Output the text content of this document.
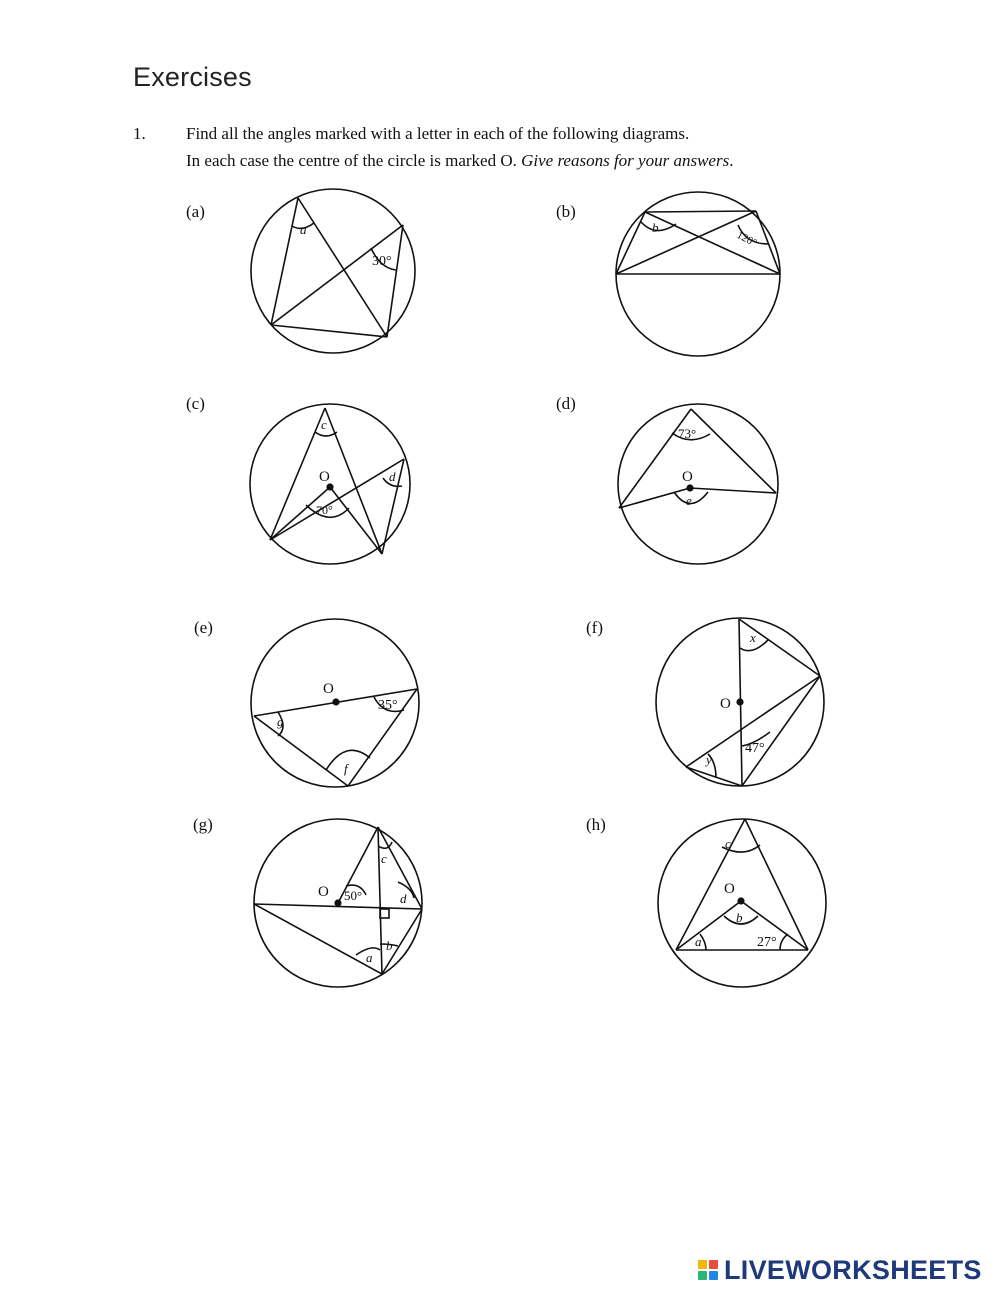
Exercises
1. Find all the angles marked with a letter in each of the following diagrams.
In each case the centre of the circle is marked O. Give reasons for your answers.
(a)	(b)
(c)	(d)
(e)	(f)
(g)	(h)
a
30°
b
120°
c
d
70°
O
73°
e
O
g
35°
f
O
x
47°
y
O
50°
c
d
b
a
O
c
b
a	27°
O
LIVEWORKSHEETS
